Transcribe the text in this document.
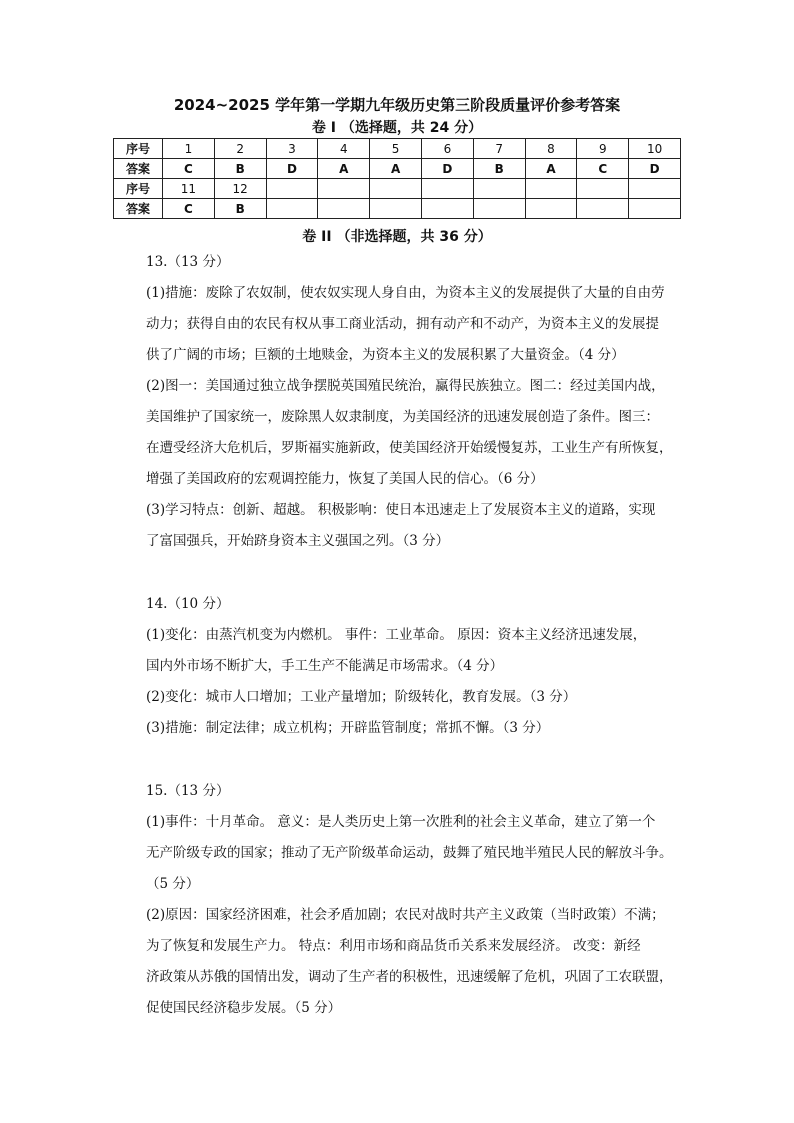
2024~2025 学年第一学期九年级历史第三阶段质量评价参考答案
卷 I （选择题，共 24 分）
序号	1	2	3	4	5	6	7	8	9	10
答案	C	B	D	A	A	D	B	A	C	D
序号	11	12								
答案	C	B								
卷 II （非选择题，共 36 分）

13.（13 分）

(1)措施：废除了农奴制，使农奴实现人身自由，为资本主义的发展提供了大量的自由劳

动力；获得自由的农民有权从事工商业活动，拥有动产和不动产，为资本主义的发展提

供了广阔的市场；巨额的土地赎金，为资本主义的发展积累了大量资金。（4 分）

(2)图一：美国通过独立战争摆脱英国殖民统治，赢得民族独立。图二：经过美国内战，

美国维护了国家统一，废除黑人奴隶制度，为美国经济的迅速发展创造了条件。图三：

在遭受经济大危机后，罗斯福实施新政，使美国经济开始缓慢复苏，工业生产有所恢复，

增强了美国政府的宏观调控能力，恢复了美国人民的信心。（6 分）

(3)学习特点：创新、超越。 积极影响：使日本迅速走上了发展资本主义的道路，实现

了富国强兵，开始跻身资本主义强国之列。（3 分）

14.（10 分）

(1)变化：由蒸汽机变为内燃机。 事件：工业革命。 原因：资本主义经济迅速发展，

国内外市场不断扩大，手工生产不能满足市场需求。（4 分）

(2)变化：城市人口增加；工业产量增加；阶级转化，教育发展。（3 分）

(3)措施：制定法律；成立机构；开辟监管制度；常抓不懈。（3 分）

15.（13 分）

(1)事件：十月革命。 意义：是人类历史上第一次胜利的社会主义革命，建立了第一个

无产阶级专政的国家；推动了无产阶级革命运动，鼓舞了殖民地半殖民人民的解放斗争。

（5 分）

(2)原因：国家经济困难，社会矛盾加剧；农民对战时共产主义政策（当时政策）不满；

为了恢复和发展生产力。 特点：利用市场和商品货币关系来发展经济。 改变：新经

济政策从苏俄的国情出发，调动了生产者的积极性，迅速缓解了危机，巩固了工农联盟，

促使国民经济稳步发展。（5 分）
